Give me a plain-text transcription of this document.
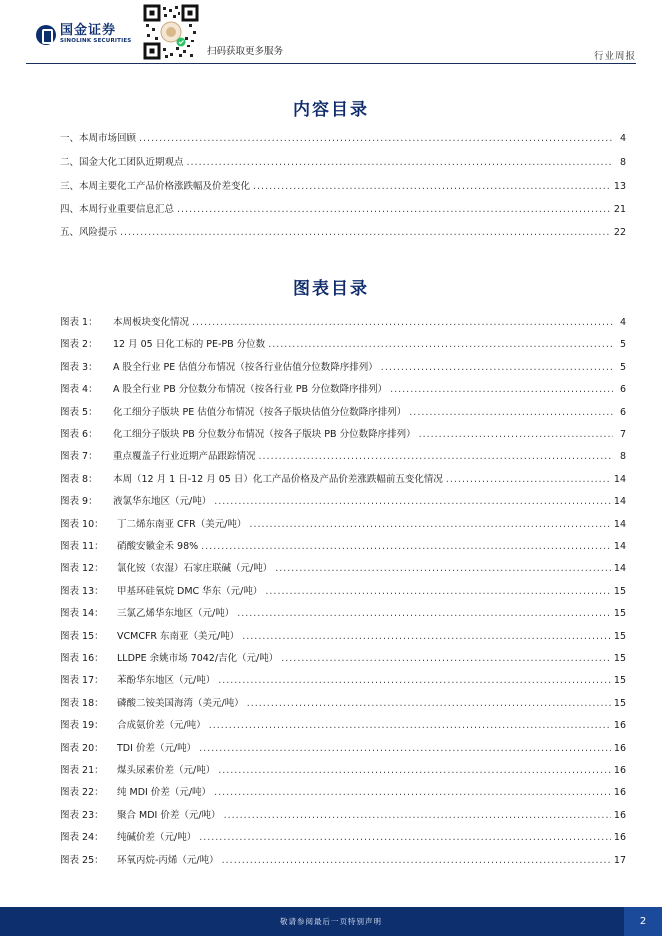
国金证券
SINOLINK SECURITIES
扫码获取更多服务	行业周报
内容目录
一、本周市场回顾 .....	4
二、国金大化工团队近期观点 .....	8
三、本周主要化工产品价格涨跌幅及价差变化 .....	13
四、本周行业重要信息汇总 .....	21
五、风险提示 .....	22
图表目录
图表 1： 本周板块变化情况 .....	4
图表 2： 12 月 05 日化工标的 PE-PB 分位数 .....	5
图表 3： A 股全行业 PE 估值分布情况（按各行业估值分位数降序排列） .....	5
图表 4： A 股全行业 PB 分位数分布情况（按各行业 PB 分位数降序排列） .....	6
图表 5： 化工细分子版块 PE 估值分布情况（按各子版块估值分位数降序排列） .....	6
图表 6： 化工细分子版块 PB 分位数分布情况（按各子版块 PB 分位数降序排列） .....	7
图表 7： 重点覆盖子行业近期产品跟踪情况 .....	8
图表 8： 本周（12 月 1 日-12 月 05 日）化工产品价格及产品价差涨跌幅前五变化情况 .....	14
图表 9： 液氯华东地区（元/吨） .....	14
图表 10： 丁二烯东南亚 CFR（美元/吨） .....	14
图表 11： 硝酸安徽金禾 98% .....	14
图表 12： 氯化铵（农湿）石家庄联碱（元/吨） .....	14
图表 13： 甲基环硅氧烷 DMC 华东（元/吨） .....	15
图表 14： 三氯乙烯华东地区（元/吨） .....	15
图表 15： VCMCFR 东南亚（美元/吨） .....	15
图表 16： LLDPE 余姚市场 7042/吉化（元/吨） .....	15
图表 17： 苯酚华东地区（元/吨） .....	15
图表 18： 磷酸二铵美国海湾（美元/吨） .....	15
图表 19： 合成氨价差（元/吨） .....	16
图表 20： TDI 价差（元/吨） .....	16
图表 21： 煤头尿素价差（元/吨） .....	16
图表 22： 纯 MDI 价差（元/吨） .....	16
图表 23： 聚合 MDI 价差（元/吨） .....	16
图表 24： 纯碱价差（元/吨） .....	16
图表 25： 环氧丙烷-丙烯（元/吨） .....	17
敬请参阅最后一页特别声明	2
